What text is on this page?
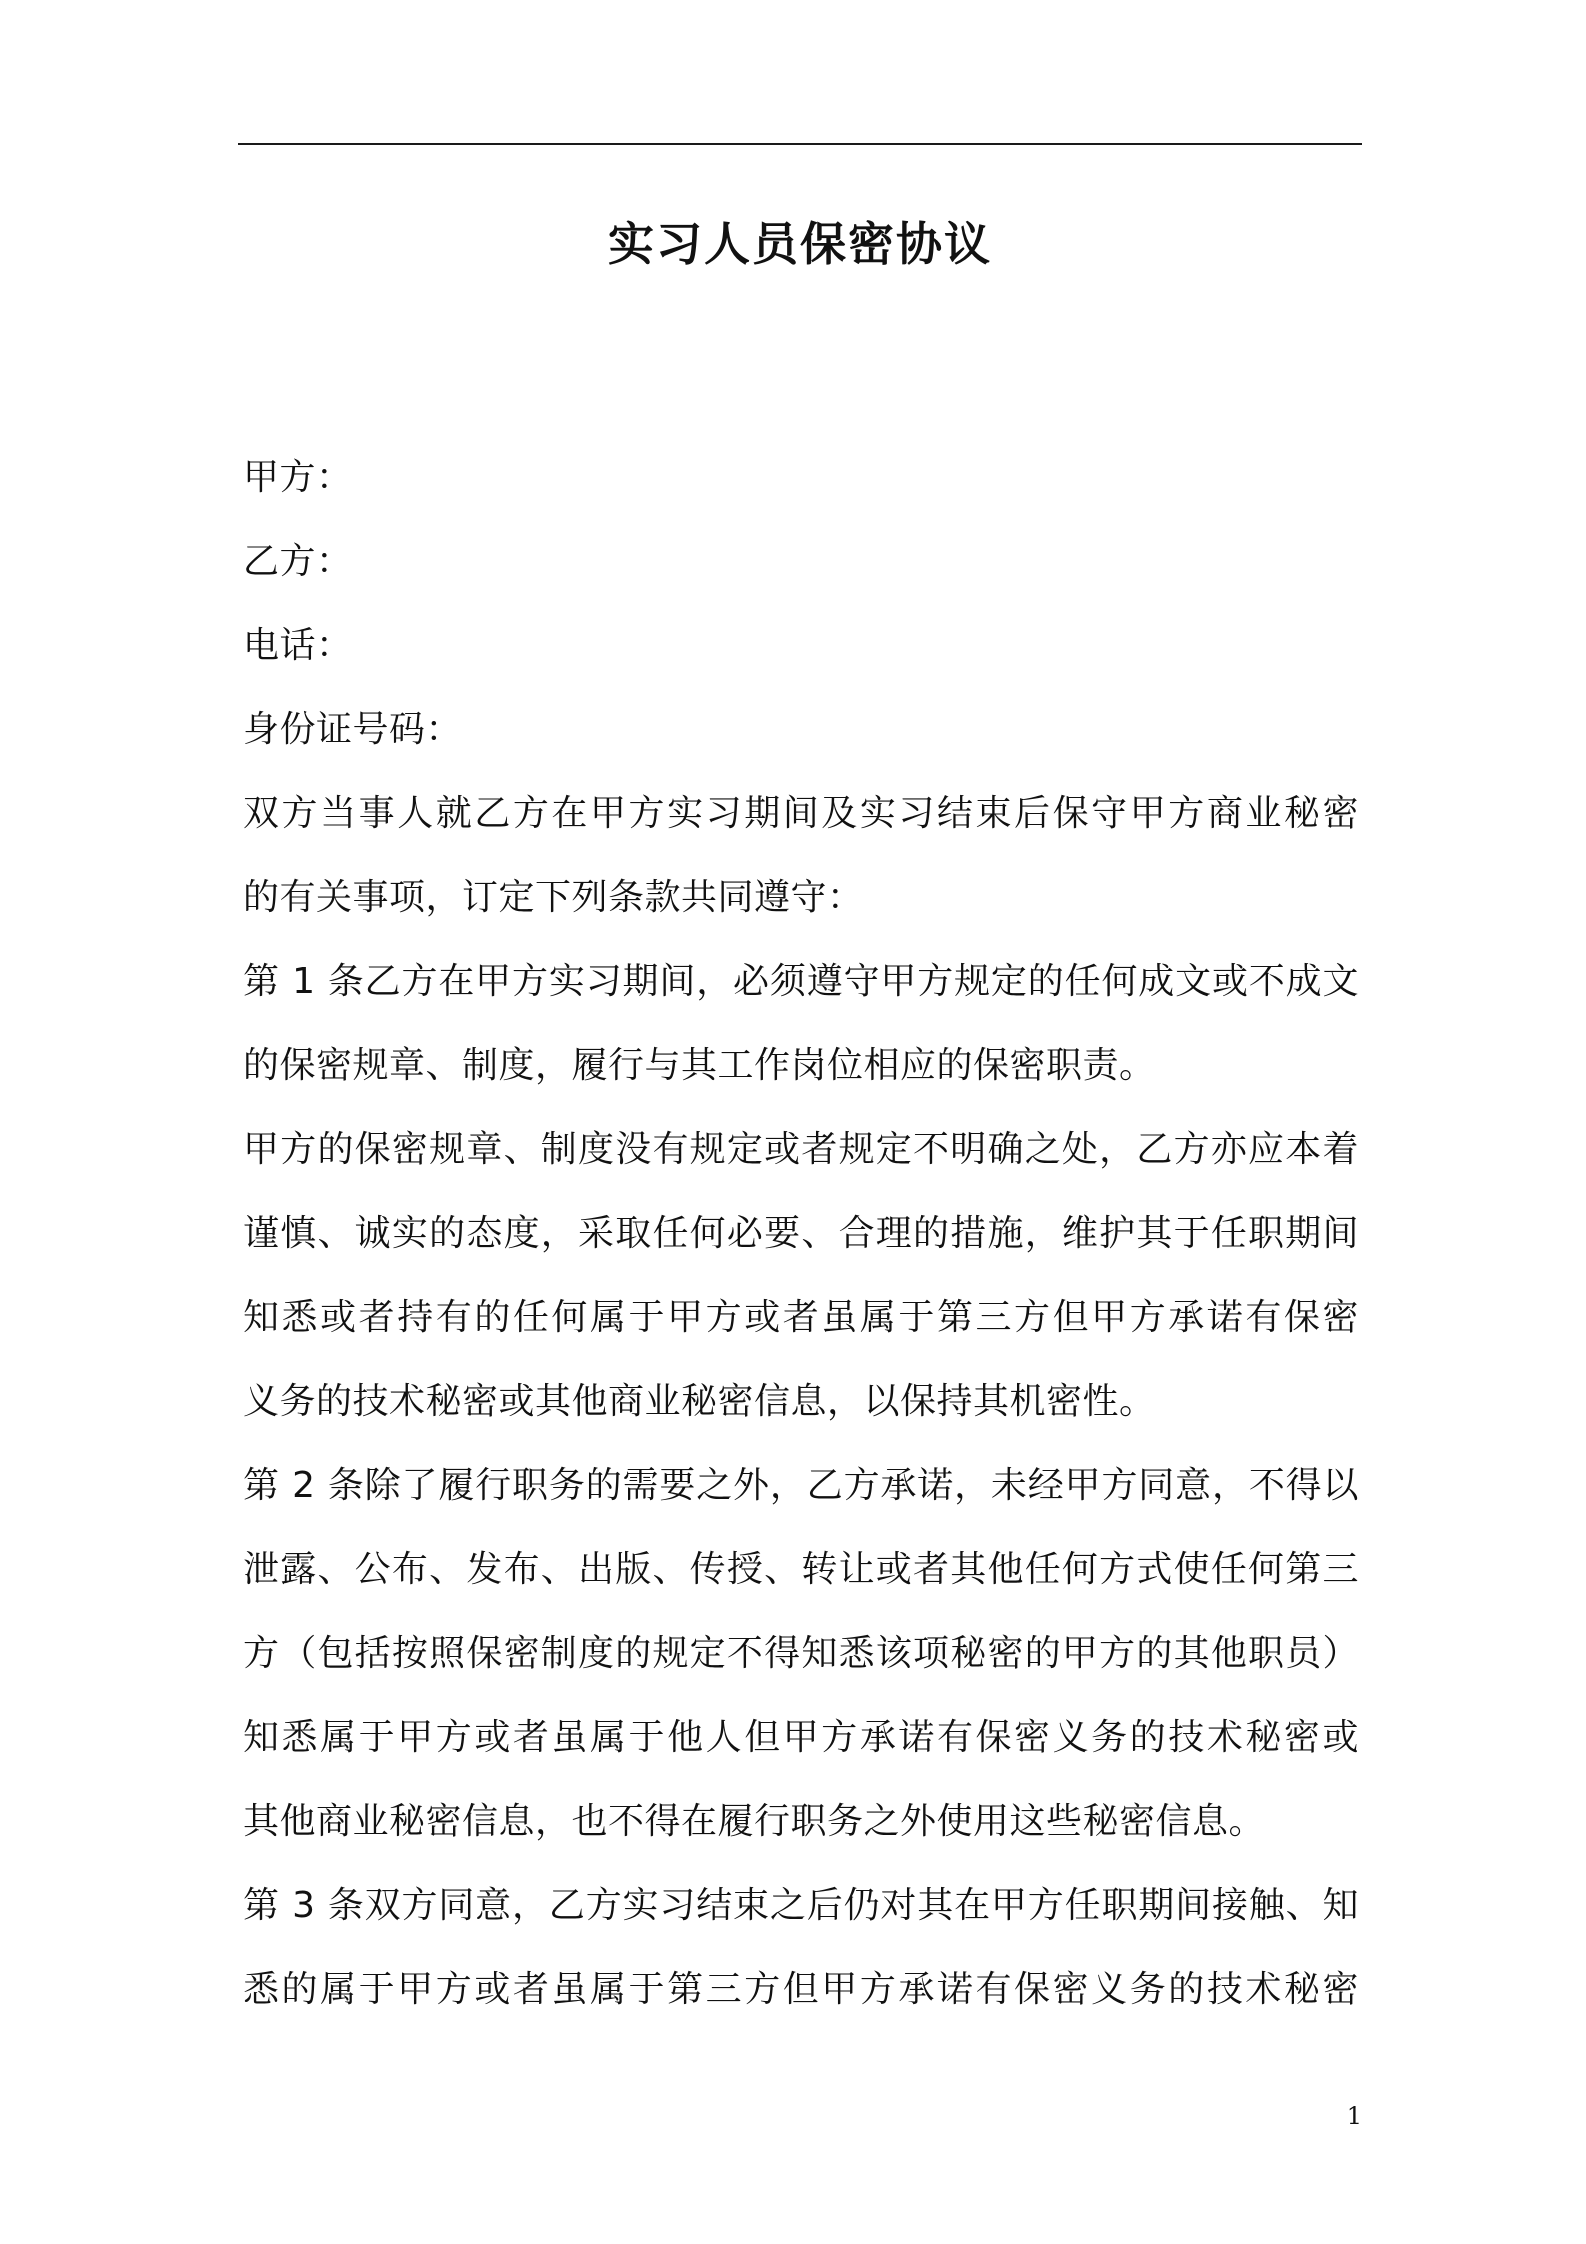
实习人员保密协议
甲方：
乙方：
电话：
身份证号码：
双方当事人就乙方在甲方实习期间及实习结束后保守甲方商业秘密
的有关事项，订定下列条款共同遵守：
第 1 条乙方在甲方实习期间，必须遵守甲方规定的任何成文或不成文
的保密规章、制度，履行与其工作岗位相应的保密职责。
甲方的保密规章、制度没有规定或者规定不明确之处，乙方亦应本着
谨慎、诚实的态度，采取任何必要、合理的措施，维护其于任职期间
知悉或者持有的任何属于甲方或者虽属于第三方但甲方承诺有保密
义务的技术秘密或其他商业秘密信息，以保持其机密性。
第 2 条除了履行职务的需要之外，乙方承诺，未经甲方同意，不得以
泄露、公布、发布、出版、传授、转让或者其他任何方式使任何第三
方（包括按照保密制度的规定不得知悉该项秘密的甲方的其他职员）
知悉属于甲方或者虽属于他人但甲方承诺有保密义务的技术秘密或
其他商业秘密信息，也不得在履行职务之外使用这些秘密信息。
第 3 条双方同意，乙方实习结束之后仍对其在甲方任职期间接触、知
悉的属于甲方或者虽属于第三方但甲方承诺有保密义务的技术秘密
1
